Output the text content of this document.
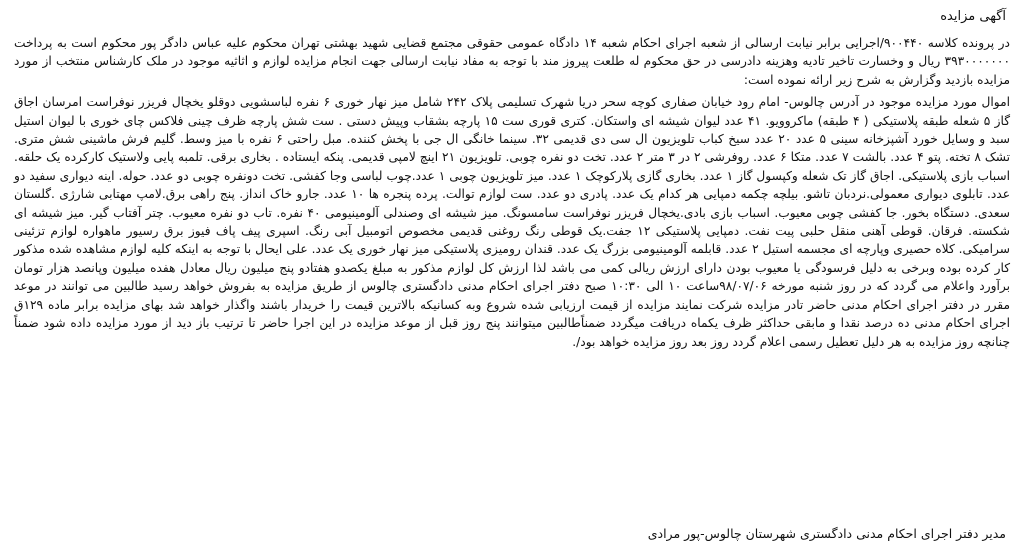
آگهی مزایده

در پرونده کلاسه ۹۰۰۴۴۰/اجرایی برابر نیابت ارسالی از شعبه اجرای احکام شعبه ۱۴ دادگاه عمومی حقوقی مجتمع قضایی شهید بهشتی تهران محکوم علیه عباس دادگر پور محکوم است به پرداخت ۳۹۳۰۰۰۰۰۰۰ ریال و وخسارت تاخیر تادیه وهزینه دادرسی در حق محکوم له طلعت پیروز مند با توجه به مفاد نیابت ارسالی جهت انجام مزایده لوازم و اثاثیه موجود در ملک کارشناس منتخب از مورد مزایده بازدید وگزارش به شرح زیر ارائه نموده است:

اموال مورد مزایده موجود در آدرس چالوس- امام رود خیابان صفاری کوچه سحر دریا شهرک تسلیمی پلاک ۲۴۲ شامل میز نهار خوری ۶ نفره لباسشویی دوقلو یخچال فریزر نوفراست امرسان اجاق گاز ۵ شعله طبقه پلاستیکی ( ۴ طبقه) ماکروویو. ۴۱ عدد لیوان شیشه ای واستکان. کتری قوری ست ۱۵ پارچه بشقاب وپیش دستی . ست شش پارچه ظرف چینی فلاکس چای خوری با لیوان استیل سبد و وسایل خورد آشپزخانه سینی ۵ عدد ۲۰ عدد سیخ کباب تلویزیون ال سی دی قدیمی ۳۲. سینما خانگی ال جی با پخش کننده. مبل راحتی ۶ نفره با میز وسط. گلیم فرش ماشینی شش متری. تشک ۸ تخته. پتو ۴ عدد. بالشت ۷ عدد. متکا ۶ عدد. روفرشی ۲ در ۳ متر ۲ عدد. تخت دو نفره چوبی. تلویزیون ۲۱ اینچ لامپی قدیمی. پنکه ایستاده . بخاری برقی. تلمبه پایی ولاستیک کارکرده یک حلقه. اسباب بازی پلاستیکی. اجاق گاز تک شعله وکپسول گاز ۱ عدد. بخاری گازی پلارکوچک ۱ عدد. میز تلویزیون چوبی ۱ عدد.چوب لباسی وجا کفشی. تخت دونفره چوبی دو عدد. حوله. اینه دیواری سفید دو عدد. تابلوی دیواری معمولی.نردبان تاشو. بیلچه چکمه دمپایی هر کدام یک عدد. پادری دو عدد. ست لوازم توالت. پرده پنجره ها ۱۰ عدد. جارو خاک انداز. پنج راهی برق.لامپ مهتابی شارژی .گلستان سعدی. دستگاه بخور. جا کفشی چوبی معیوب. اسباب بازی بادی.یخچال فریزر نوفراست سامسونگ. میز شیشه ای وصندلی آلومینیومی ۴۰ نفره. تاب دو نفره معیوب. چتر آفتاب گیر. میز شیشه ای شکسته. فرقان. قوطی آهنی منقل حلبی پیت نفت. دمپایی پلاستیکی ۱۲ جفت.یک قوطی رنگ روغنی قدیمی مخصوص اتومبیل آبی رنگ. اسپری پیف پاف فیوز برق رسیور ماهواره لوازم تزئینی سرامیکی. کلاه حصیری وپارچه ای مجسمه استیل ۲ عدد. قابلمه آلومینیومی بزرگ یک عدد. قندان رومیزی پلاستیکی میز نهار خوری یک عدد. علی ایحال با توجه به اینکه کلیه لوازم مشاهده شده مذکور کار کرده بوده وبرخی به دلیل فرسودگی یا معیوب بودن دارای ارزش ریالی کمی می باشد لذا ارزش کل لوازم مذکور به مبلغ یکصدو هفتادو پنج میلیون ریال معادل هفده میلیون وپانصد هزار تومان برآورد واعلام می گردد که در روز شنبه مورخه ۹۸/۰۷/۰۶ساعت ۱۰ الی ۱۰:۳۰ صبح دفتر اجرای احکام مدنی دادگستری چالوس از طریق مزایده به بفروش خواهد رسید طالبین می توانند در موعد مقرر در دفتر اجرای احکام مدنی حاضر تادر مزایده شرکت نمایند مزایده از قیمت ارزیابی شده شروع وبه کسانیکه بالاترین قیمت را خریدار باشند واگذار خواهد شد بهای مزایده برابر ماده ۱۲۹ق اجرای احکام مدنی ده درصد نقدا و مابقی حداکثر ظرف یکماه دریافت میگردد ضمناًطالبین میتوانند پنج روز قبل از موعد مزایده در این اجرا حاضر تا ترتیب باز دید از مورد مزایده داده شود ضمناً چنانچه روز مزایده به هر دلیل تعطیل رسمی اعلام گردد روز بعد روز مزایده خواهد بود/.

مدیر دفتر اجرای احکام مدنی دادگستری شهرستان چالوس-پور مرادی
